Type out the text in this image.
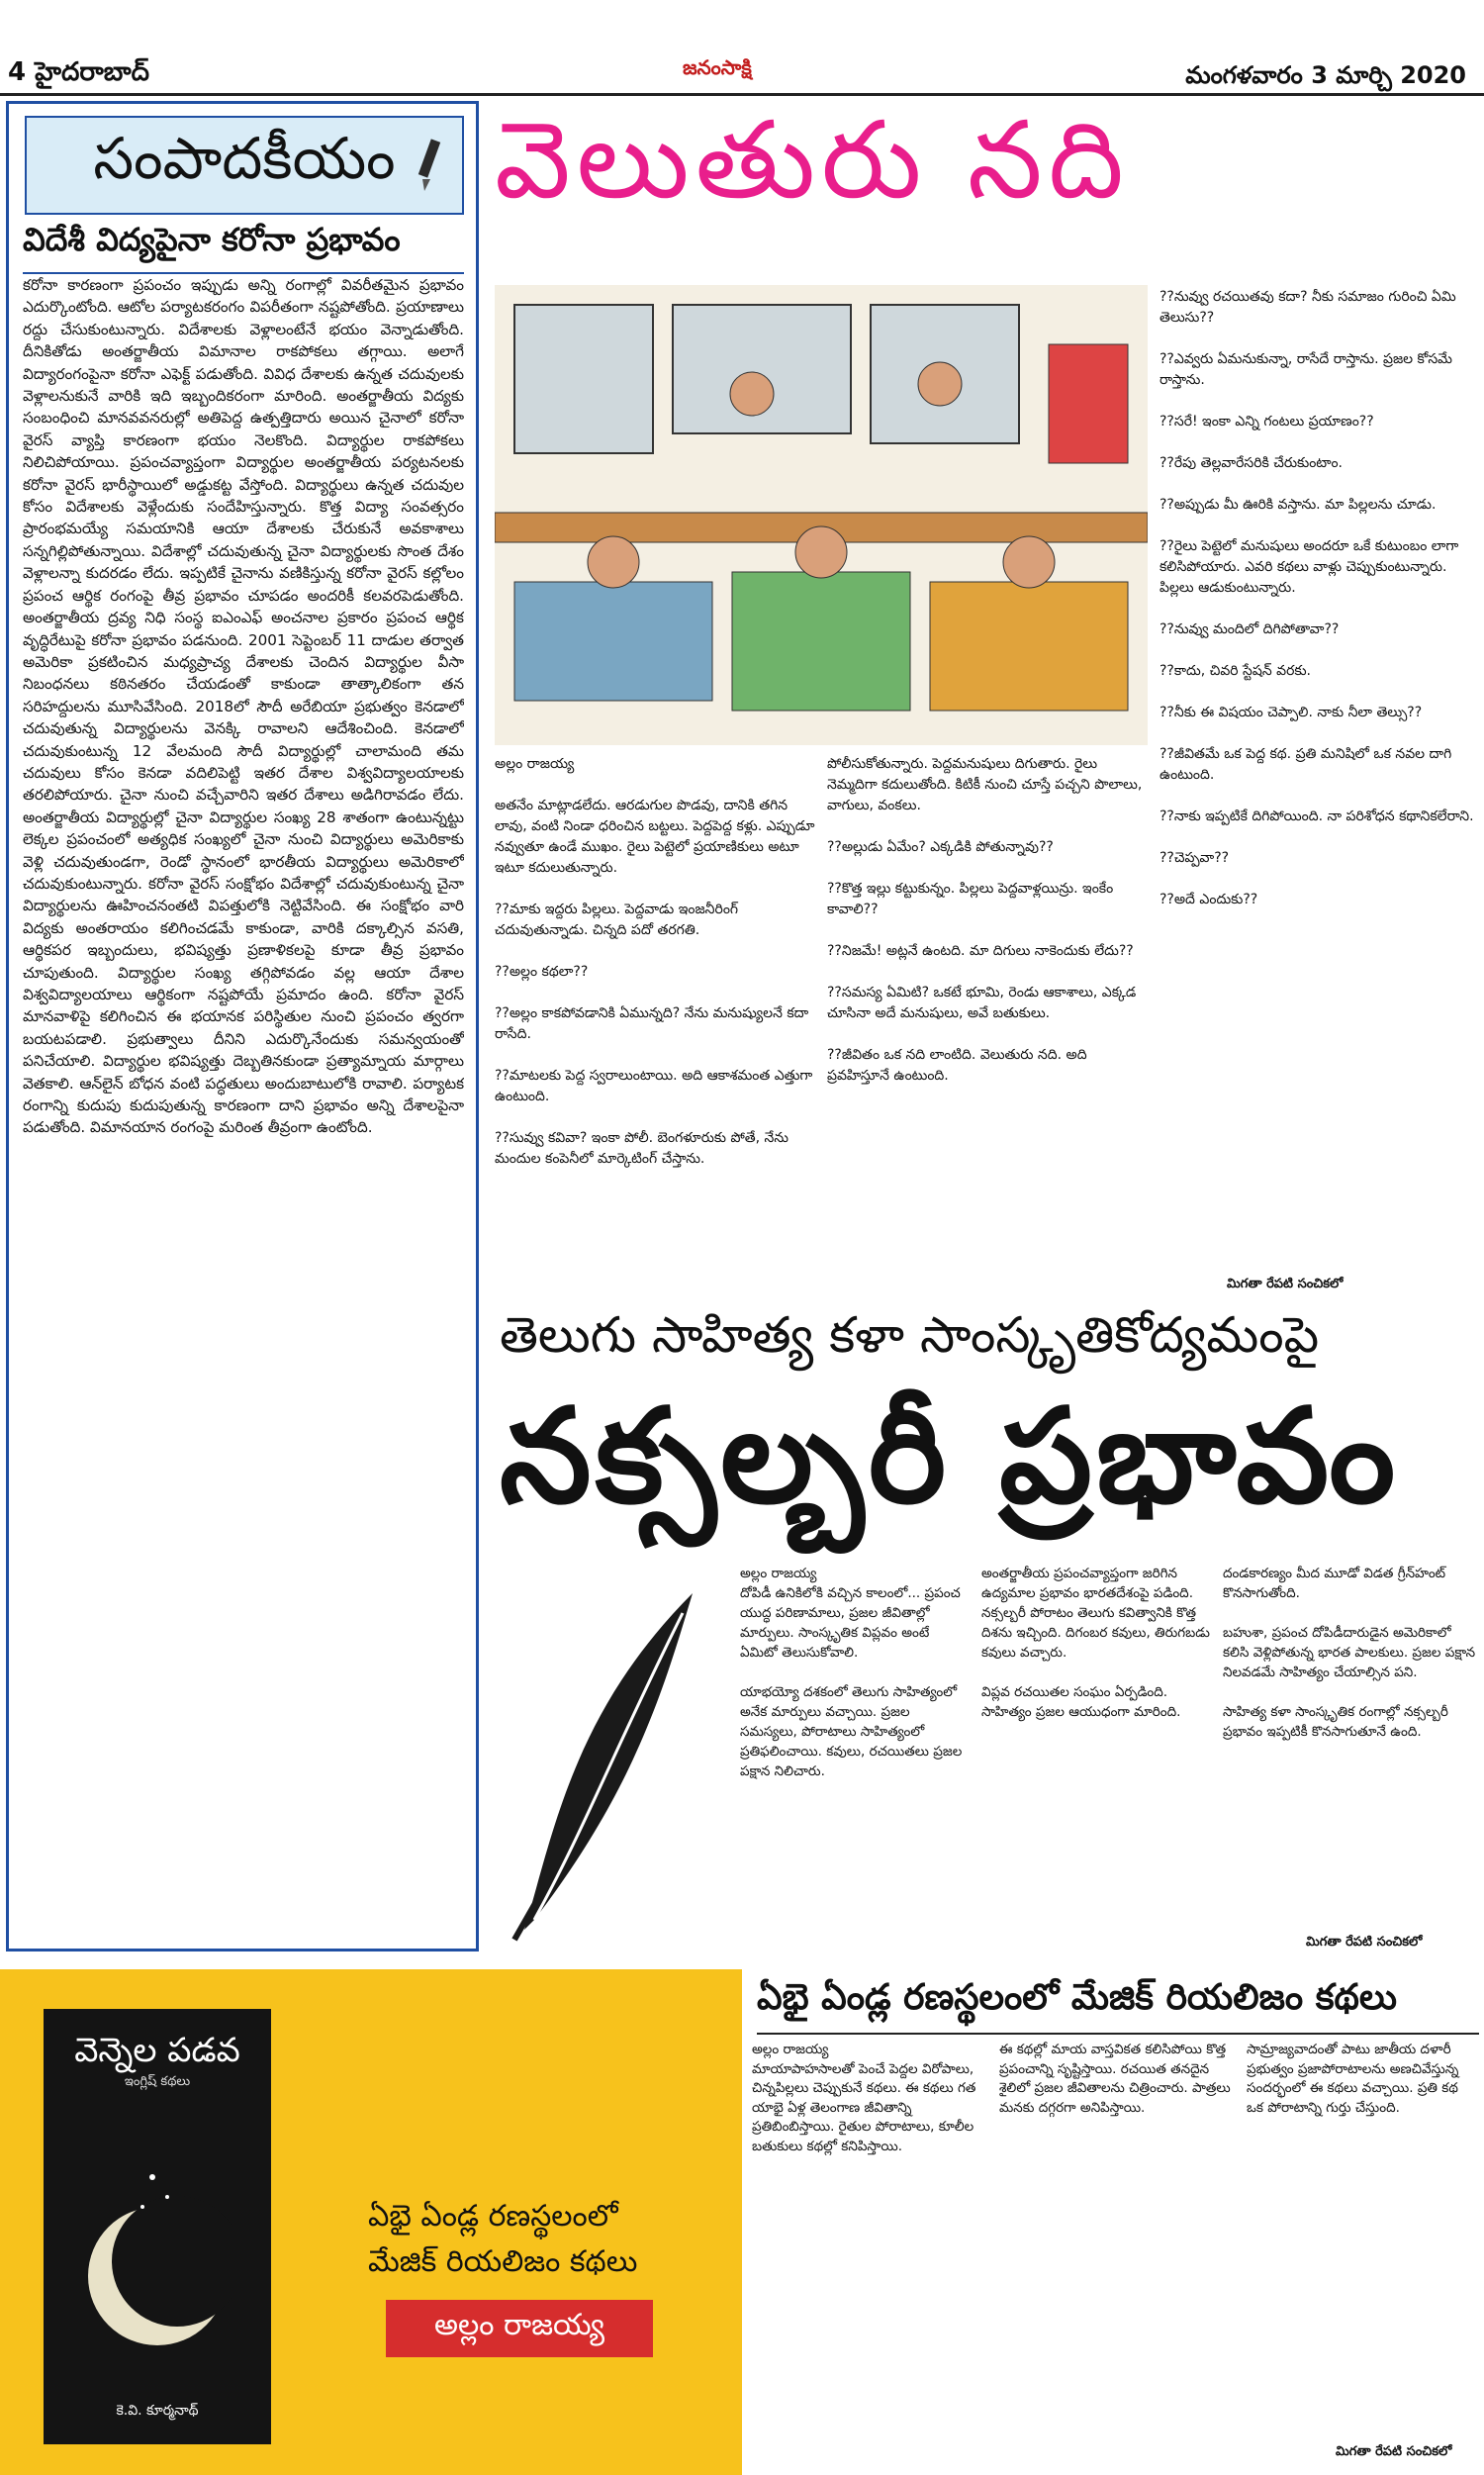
4 హైదరాబాద్	జనంసాక్షి	మంగళవారం 3 మార్చి 2020
సంపాదకీయం
విదేశీ విద్యపైనా కరోనా ప్రభావం
కరోనా కారణంగా ప్రపంచం ఇప్పుడు అన్ని రంగాల్లో వివరీతమైన ప్రభావం ఎదుర్కొంటోంది. ఆటోల పర్యాటకరంగం విపరీతంగా నష్టపోతోంది. ప్రయాణాలు రద్దు చేసుకుంటున్నారు. విదేశాలకు వెళ్లాలంటేనే భయం వెన్నాడుతోంది. దీనికితోడు అంతర్జాతీయ విమానాల రాకపోకలు తగ్గాయి. అలాగే విద్యారంగంపైనా కరోనా ఎఫెక్ట్ పడుతోంది. వివిధ దేశాలకు ఉన్నత చదువులకు వెళ్లాలనుకునే వారికి ఇది ఇబ్బందికరంగా మారింది. అంతర్జాతీయ విద్యకు సంబంధించి మానవవనరుల్లో అతిపెద్ద ఉత్పత్తిదారు అయిన చైనాలో కరోనా వైరస్ వ్యాప్తి కారణంగా భయం నెలకొంది. విద్యార్థుల రాకపోకలు నిలిచిపోయాయి. ప్రపంచవ్యాప్తంగా విద్యార్థుల అంతర్జాతీయ పర్యటనలకు కరోనా వైరస్ భారీస్థాయిలో అడ్డుకట్ట వేస్తోంది. విద్యార్థులు ఉన్నత చదువుల కోసం విదేశాలకు వెళ్లేందుకు సందేహిస్తున్నారు. కొత్త విద్యా సంవత్సరం ప్రారంభమయ్యే సమయానికి ఆయా దేశాలకు చేరుకునే అవకాశాలు సన్నగిల్లిపోతున్నాయి. విదేశాల్లో చదువుతున్న చైనా విద్యార్థులకు సొంత దేశం వెళ్లాలన్నా కుదరడం లేదు. ఇప్పటికే చైనాను వణికిస్తున్న కరోనా వైరస్ కల్లోలం ప్రపంచ ఆర్థిక రంగంపై తీవ్ర ప్రభావం చూపడం అందరికీ కలవరపెడుతోంది. అంతర్జాతీయ ద్రవ్య నిధి సంస్థ ఐఎంఎఫ్ అంచనాల ప్రకారం ప్రపంచ ఆర్థిక వృద్ధిరేటుపై కరోనా ప్రభావం పడనుంది. 2001 సెప్టెంబర్ 11 దాడుల తర్వాత అమెరికా ప్రకటించిన మధ్యప్రాచ్య దేశాలకు చెందిన విద్యార్థుల వీసా నిబంధనలు కఠినతరం చేయడంతో కాకుండా తాత్కాలికంగా తన సరిహద్దులను మూసివేసింది. 2018లో సౌదీ అరేబియా ప్రభుత్వం కెనడాలో చదువుతున్న విద్యార్థులను వెనక్కి రావాలని ఆదేశించింది. కెనడాలో చదువుకుంటున్న 12 వేలమంది సౌదీ విద్యార్థుల్లో చాలామంది తమ చదువులు కోసం కెనడా వదిలిపెట్టి ఇతర దేశాల విశ్వవిద్యాలయాలకు తరలిపోయారు. చైనా నుంచి వచ్చేవారిని ఇతర దేశాలు అడిగిరావడం లేదు. అంతర్జాతీయ విద్యార్థుల్లో చైనా విద్యార్థుల సంఖ్య 28 శాతంగా ఉంటున్నట్టు లెక్కల ప్రపంచంలో అత్యధిక సంఖ్యలో చైనా నుంచి విద్యార్థులు అమెరికాకు వెళ్లి చదువుతుండగా, రెండో స్థానంలో భారతీయ విద్యార్థులు అమెరికాలో చదువుకుంటున్నారు. కరోనా వైరస్ సంక్షోభం విదేశాల్లో చదువుకుంటున్న చైనా విద్యార్థులను ఊహించనంతటి విపత్తులోకి నెట్టివేసింది. ఈ సంక్షోభం వారి విద్యకు అంతరాయం కలిగించడమే కాకుండా, వారికి దక్కాల్సిన వసతి, ఆర్థికపర ఇబ్బందులు, భవిష్యత్తు ప్రణాళికలపై కూడా తీవ్ర ప్రభావం చూపుతుంది. విద్యార్థుల సంఖ్య తగ్గిపోవడం వల్ల ఆయా దేశాల విశ్వవిద్యాలయాలు ఆర్థికంగా నష్టపోయే ప్రమాదం ఉంది. కరోనా వైరస్ మానవాళిపై కలిగించిన ఈ భయానక పరిస్థితుల నుంచి ప్రపంచం త్వరగా బయటపడాలి. ప్రభుత్వాలు దీనిని ఎదుర్కొనేందుకు సమన్వయంతో పనిచేయాలి. విద్యార్థుల భవిష్యత్తు దెబ్బతినకుండా ప్రత్యామ్నాయ మార్గాలు వెతకాలి. ఆన్‌లైన్ బోధన వంటి పద్ధతులు అందుబాటులోకి రావాలి. పర్యాటక రంగాన్ని కుదుపు కుదుపుతున్న కారణంగా దాని ప్రభావం అన్ని దేశాలపైనా పడుతోంది. విమానయాన రంగంపై మరింత తీవ్రంగా ఉంటోంది.
వెలుతురు నది
అల్లం రాజయ్య

అతనేం మాట్లాడలేదు. ఆరడుగుల పొడవు, దానికి తగిన లావు, వంటి నిండా ధరించిన బట్టలు. పెద్దపెద్ద కళ్లు. ఎప్పుడూ నవ్వుతూ ఉండే ముఖం. రైలు పెట్టెలో ప్రయాణికులు అటూ ఇటూ కదులుతున్నారు.

??మాకు ఇద్దరు పిల్లలు. పెద్దవాడు ఇంజనీరింగ్ చదువుతున్నాడు. చిన్నది పదో తరగతి.

??అల్లం కథలా??

??అల్లం కాకపోవడానికి ఏమున్నది? నేను మనుష్యులనే కదా రాసేది.

??మాటలకు పెద్ద స్వరాలుంటాయి. అది ఆకాశమంత ఎత్తుగా ఉంటుంది.

??సువ్వు కవివా? ఇంకా పోలీ. బెంగళూరుకు పోతే, నేను మందుల కంపెనీలో మార్కెటింగ్ చేస్తాను.
పోలీసుకోతున్నారు. పెద్దమనుషులు దిగుతారు. రైలు నెమ్మదిగా కదులుతోంది. కిటికీ నుంచి చూస్తే పచ్చని పొలాలు, వాగులు, వంకలు.

??అల్లుడు ఏమేం? ఎక్కడికి పోతున్నావు??

??కొత్త ఇల్లు కట్టుకున్నం. పిల్లలు పెద్దవాళ్లయిన్రు. ఇంకేం కావాలి??

??నిజమే! అట్లనే ఉంటది. మా దిగులు నాకెందుకు లేదు??

??సమస్య ఏమిటి? ఒకటే భూమి, రెండు ఆకాశాలు, ఎక్కడ చూసినా అదే మనుషులు, అవే బతుకులు.

??జీవితం ఒక నది లాంటిది. వెలుతురు నది. అది ప్రవహిస్తూనే ఉంటుంది.
??నువ్వు రచయితవు కదా? నీకు సమాజం గురించి ఏమి తెలుసు??

??ఎవ్వరు ఏమనుకున్నా, రాసేదే రాస్తాను. ప్రజల కోసమే రాస్తాను.

??సరే! ఇంకా ఎన్ని గంటలు ప్రయాణం??

??రేపు తెల్లవారేసరికి చేరుకుంటాం.

??అప్పుడు మీ ఊరికి వస్తాను. మా పిల్లలను చూడు.

??రైలు పెట్టెలో మనుషులు అందరూ ఒకే కుటుంబం లాగా కలిసిపోయారు. ఎవరి కథలు వాళ్లు చెప్పుకుంటున్నారు. పిల్లలు ఆడుకుంటున్నారు.

??నువ్వు మందిలో దిగిపోతావా??

??కాదు, చివరి స్టేషన్ వరకు.

??నీకు ఈ విషయం చెప్పాలి. నాకు నీలా తెల్సు??

??జీవితమే ఒక పెద్ద కథ. ప్రతి మనిషిలో ఒక నవల దాగి ఉంటుంది.

??నాకు ఇప్పటికే దిగిపోయింది. నా పరిశోధన కథానికలేరాని.

??చెప్పవా??

??అదే ఎందుకు??
మిగతా రేపటి సంచికలో
తెలుగు సాహిత్య కళా సాంస్కృతికోద్యమంపై
నక్సల్బరీ ప్రభావం
అల్లం రాజయ్య
దోపిడీ ఉనికిలోకి వచ్చిన కాలంలో... ప్రపంచ యుద్ధ పరిణామాలు, ప్రజల జీవితాల్లో మార్పులు. సాంస్కృతిక విప్లవం అంటే ఏమిటో తెలుసుకోవాలి.

యాభయ్యో దశకంలో తెలుగు సాహిత్యంలో అనేక మార్పులు వచ్చాయి. ప్రజల సమస్యలు, పోరాటాలు సాహిత్యంలో ప్రతిఫలించాయి. కవులు, రచయితలు ప్రజల పక్షాన నిలిచారు.
అంతర్జాతీయ ప్రపంచవ్యాప్తంగా జరిగిన ఉద్యమాల ప్రభావం భారతదేశంపై పడింది. నక్సల్బరీ పోరాటం తెలుగు కవిత్వానికి కొత్త దిశను ఇచ్చింది. దిగంబర కవులు, తిరుగబడు కవులు వచ్చారు.

విప్లవ రచయితల సంఘం ఏర్పడింది. సాహిత్యం ప్రజల ఆయుధంగా మారింది.
దండకారణ్యం మీద మూడో విడత గ్రీన్‌హంట్ కొనసాగుతోంది.

బహుశా, ప్రపంచ దోపిడీదారుడైన అమెరికాలో కలిసి వెళ్లిపోతున్న భారత పాలకులు. ప్రజల పక్షాన నిలవడమే సాహిత్యం చేయాల్సిన పని.

సాహిత్య కళా సాంస్కృతిక రంగాల్లో నక్సల్బరీ ప్రభావం ఇప్పటికీ కొనసాగుతూనే ఉంది.
మిగతా రేపటి సంచికలో
వెన్నెల పడవ
ఇంగ్లిష్ కథలు
కె.వి. కూర్మనాథ్
ఏభై ఏండ్ల రణస్థలంలో
మేజిక్ రియలిజం కథలు
అల్లం రాజయ్య
ఏభై ఏండ్ల రణస్థలంలో మేజిక్ రియలిజం కథలు
అల్లం రాజయ్య
మాయాపాహసాలతో పెంచే పెద్దల విరోపాలు, చిన్నపిల్లలు చెప్పుకునే కథలు. ఈ కథలు గత యాభై ఏళ్ల తెలంగాణ జీవితాన్ని ప్రతిబింబిస్తాయి. రైతుల పోరాటాలు, కూలీల బతుకులు కథల్లో కనిపిస్తాయి.
ఈ కథల్లో మాయ వాస్తవికత కలిసిపోయి కొత్త ప్రపంచాన్ని సృష్టిస్తాయి. రచయిత తనదైన శైలిలో ప్రజల జీవితాలను చిత్రించారు. పాత్రలు మనకు దగ్గరగా అనిపిస్తాయి.
సామ్రాజ్యవాదంతో పాటు జాతీయ దళారీ ప్రభుత్వం ప్రజాపోరాటాలను అణచివేస్తున్న సందర్భంలో ఈ కథలు వచ్చాయి. ప్రతి కథ ఒక పోరాటాన్ని గుర్తు చేస్తుంది.
మిగతా రేపటి సంచికలో
